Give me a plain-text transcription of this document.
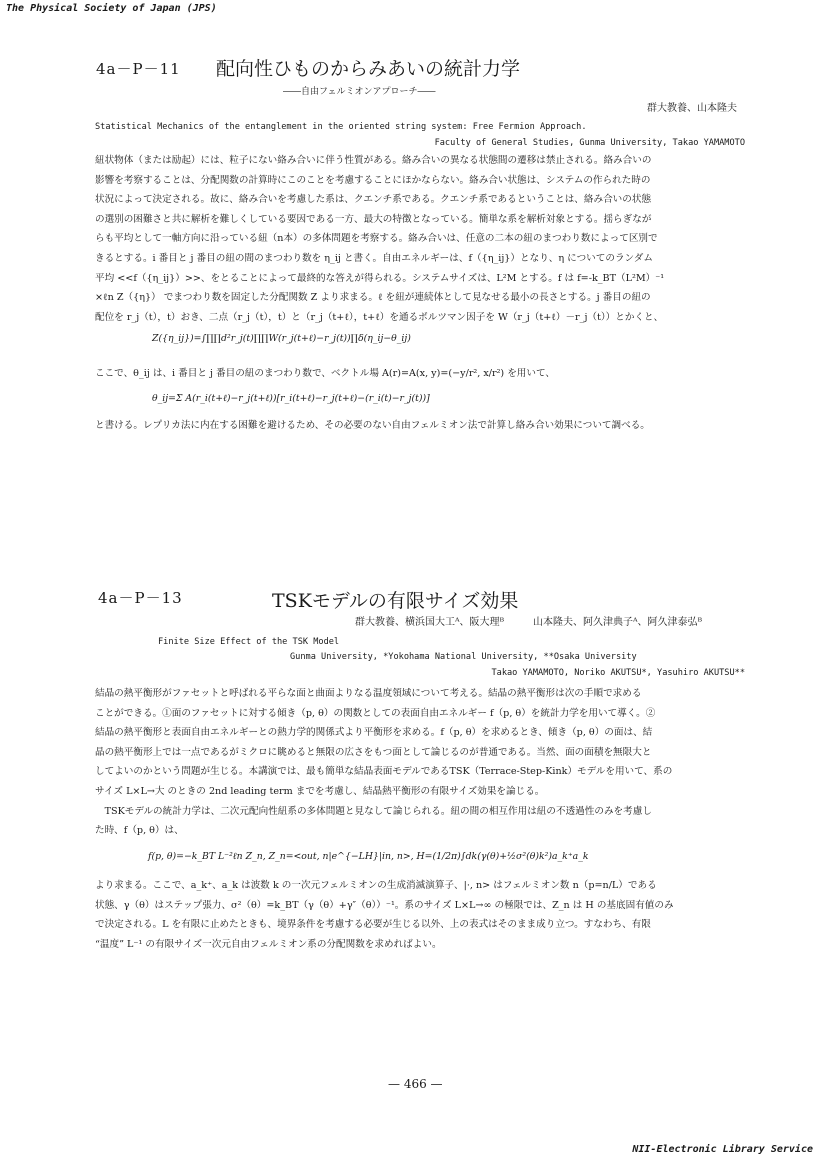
The Physical Society of Japan (JPS)
4a－P－11 配向性ひものからみあいの統計力学
――自由フェルミオンアプローチ――
群大教養、山本隆夫
Statistical Mechanics of the entanglement in the oriented string system: Free Fermion Approach.
Faculty of General Studies, Gunma University, Takao YAMAMOTO

紐状物体（または励起）には、粒子にない絡み合いに伴う性質がある。絡み合いの異なる状態間の遷移は禁止される。絡み合いの

影響を考察することは、分配関数の計算時にこのことを考慮することにほかならない。絡み合い状態は、システムの作られた時の

状況によって決定される。故に、絡み合いを考慮した系は、クエンチ系である。クエンチ系であるということは、絡み合いの状態

の選別の困難さと共に解析を難しくしている要因である一方、最大の特徴となっている。簡単な系を解析対象とする。揺らぎなが

らも平均として一軸方向に沿っている紐（n本）の多体問題を考察する。絡み合いは、任意の二本の紐のまつわり数によって区別で

きるとする。i 番目と j 番目の紐の間のまつわり数を η_ij と書く。自由エネルギーは、f（{η_ij}）となり、η についてのランダム

平均 <<f（{η_ij}）>>、をとることによって最終的な答えが得られる。システムサイズは、L²M とする。f は f=-k_BT（L²M）⁻¹

×ℓn Z（{η}） でまつわり数を固定した分配関数 Z より求まる。ℓ を紐が連続体として見なせる最小の長さとする。j 番目の紐の

配位を r_j（t），t）おき、二点（r_j（t），t）と（r_j（t+ℓ），t+ℓ）を通るボルツマン因子を W（r_j（t+ℓ）－r_j（t））とかくと、

Z({η_ij})=∫∏∏d²r_j(t)∏∏W(r_j(t+ℓ)−r_j(t))∏δ(η_ij−θ_ij)
ここで、θ_ij は、i 番目と j 番目の紐のまつわり数で、ベクトル場 A(r)=A(x, y)=(−y/r², x/r²) を用いて、
θ_ij=Σ A(r_i(t+ℓ)−r_j(t+ℓ))[r_i(t+ℓ)−r_j(t+ℓ)−(r_i(t)−r_j(t))]
と書ける。レプリカ法に内在する困難を避けるため、その必要のない自由フェルミオン法で計算し絡み合い効果について調べる。
4a－P－13	TSKモデルの有限サイズ効果
群大教養、横浜国大工ᴬ、阪大理ᴮ	山本隆夫、阿久津典子ᴬ、阿久津泰弘ᴮ
Finite Size Effect of the TSK Model
Gunma University, *Yokohama National University, **Osaka University
Takao YAMAMOTO, Noriko AKUTSU*, Yasuhiro AKUTSU**

結晶の熱平衡形がファセットと呼ばれる平らな面と曲面よりなる温度領域について考える。結晶の熱平衡形は次の手順で求める

ことができる。①面のファセットに対する傾き（p, θ）の関数としての表面自由エネルギー f（p, θ）を統計力学を用いて導く。②

結晶の熱平衡形と表面自由エネルギーとの熱力学的関係式より平衡形を求める。f（p, θ）を求めるとき、傾き（p, θ）の面は、結

晶の熱平衡形上では一点であるがミクロに眺めると無限の広さをもつ面として論じるのが普通である。当然、面の面積を無限大と

してよいのかという問題が生じる。本講演では、最も簡単な結晶表面モデルであるTSK（Terrace-Step-Kink）モデルを用いて、系の

サイズ L×L→大 のときの 2nd leading term までを考慮し、結晶熱平衡形の有限サイズ効果を論じる。

　TSKモデルの統計力学は、二次元配向性紐系の多体問題と見なして論じられる。紐の間の相互作用は紐の不透過性のみを考慮し

た時、f（p, θ）は、

f(p, θ)=−k_BT L⁻²ℓn Z_n, Z_n=<out, n|e^{−LH}|in, n>, H=(1/2π)∫dk(γ(θ)+½σ²(θ)k²)a_k⁺a_k

より求まる。ここで、a_k⁺、a_k は波数 k の一次元フェルミオンの生成消滅演算子、|·, n> はフェルミオン数 n（p=n/L）である

状態、γ（θ）はステップ張力、σ²（θ）=k_BT（γ（θ）+γ″（θ））⁻¹。系のサイズ L×L→∞ の極限では、Z_n は H の基底固有値のみ

で決定される。L を有限に止めたときも、境界条件を考慮する必要が生じる以外、上の表式はそのまま成り立つ。すなわち、有限

“温度” L⁻¹ の有限サイズ一次元自由フェルミオン系の分配関数を求めればよい。

— 466 —
NII-Electronic Library Service
